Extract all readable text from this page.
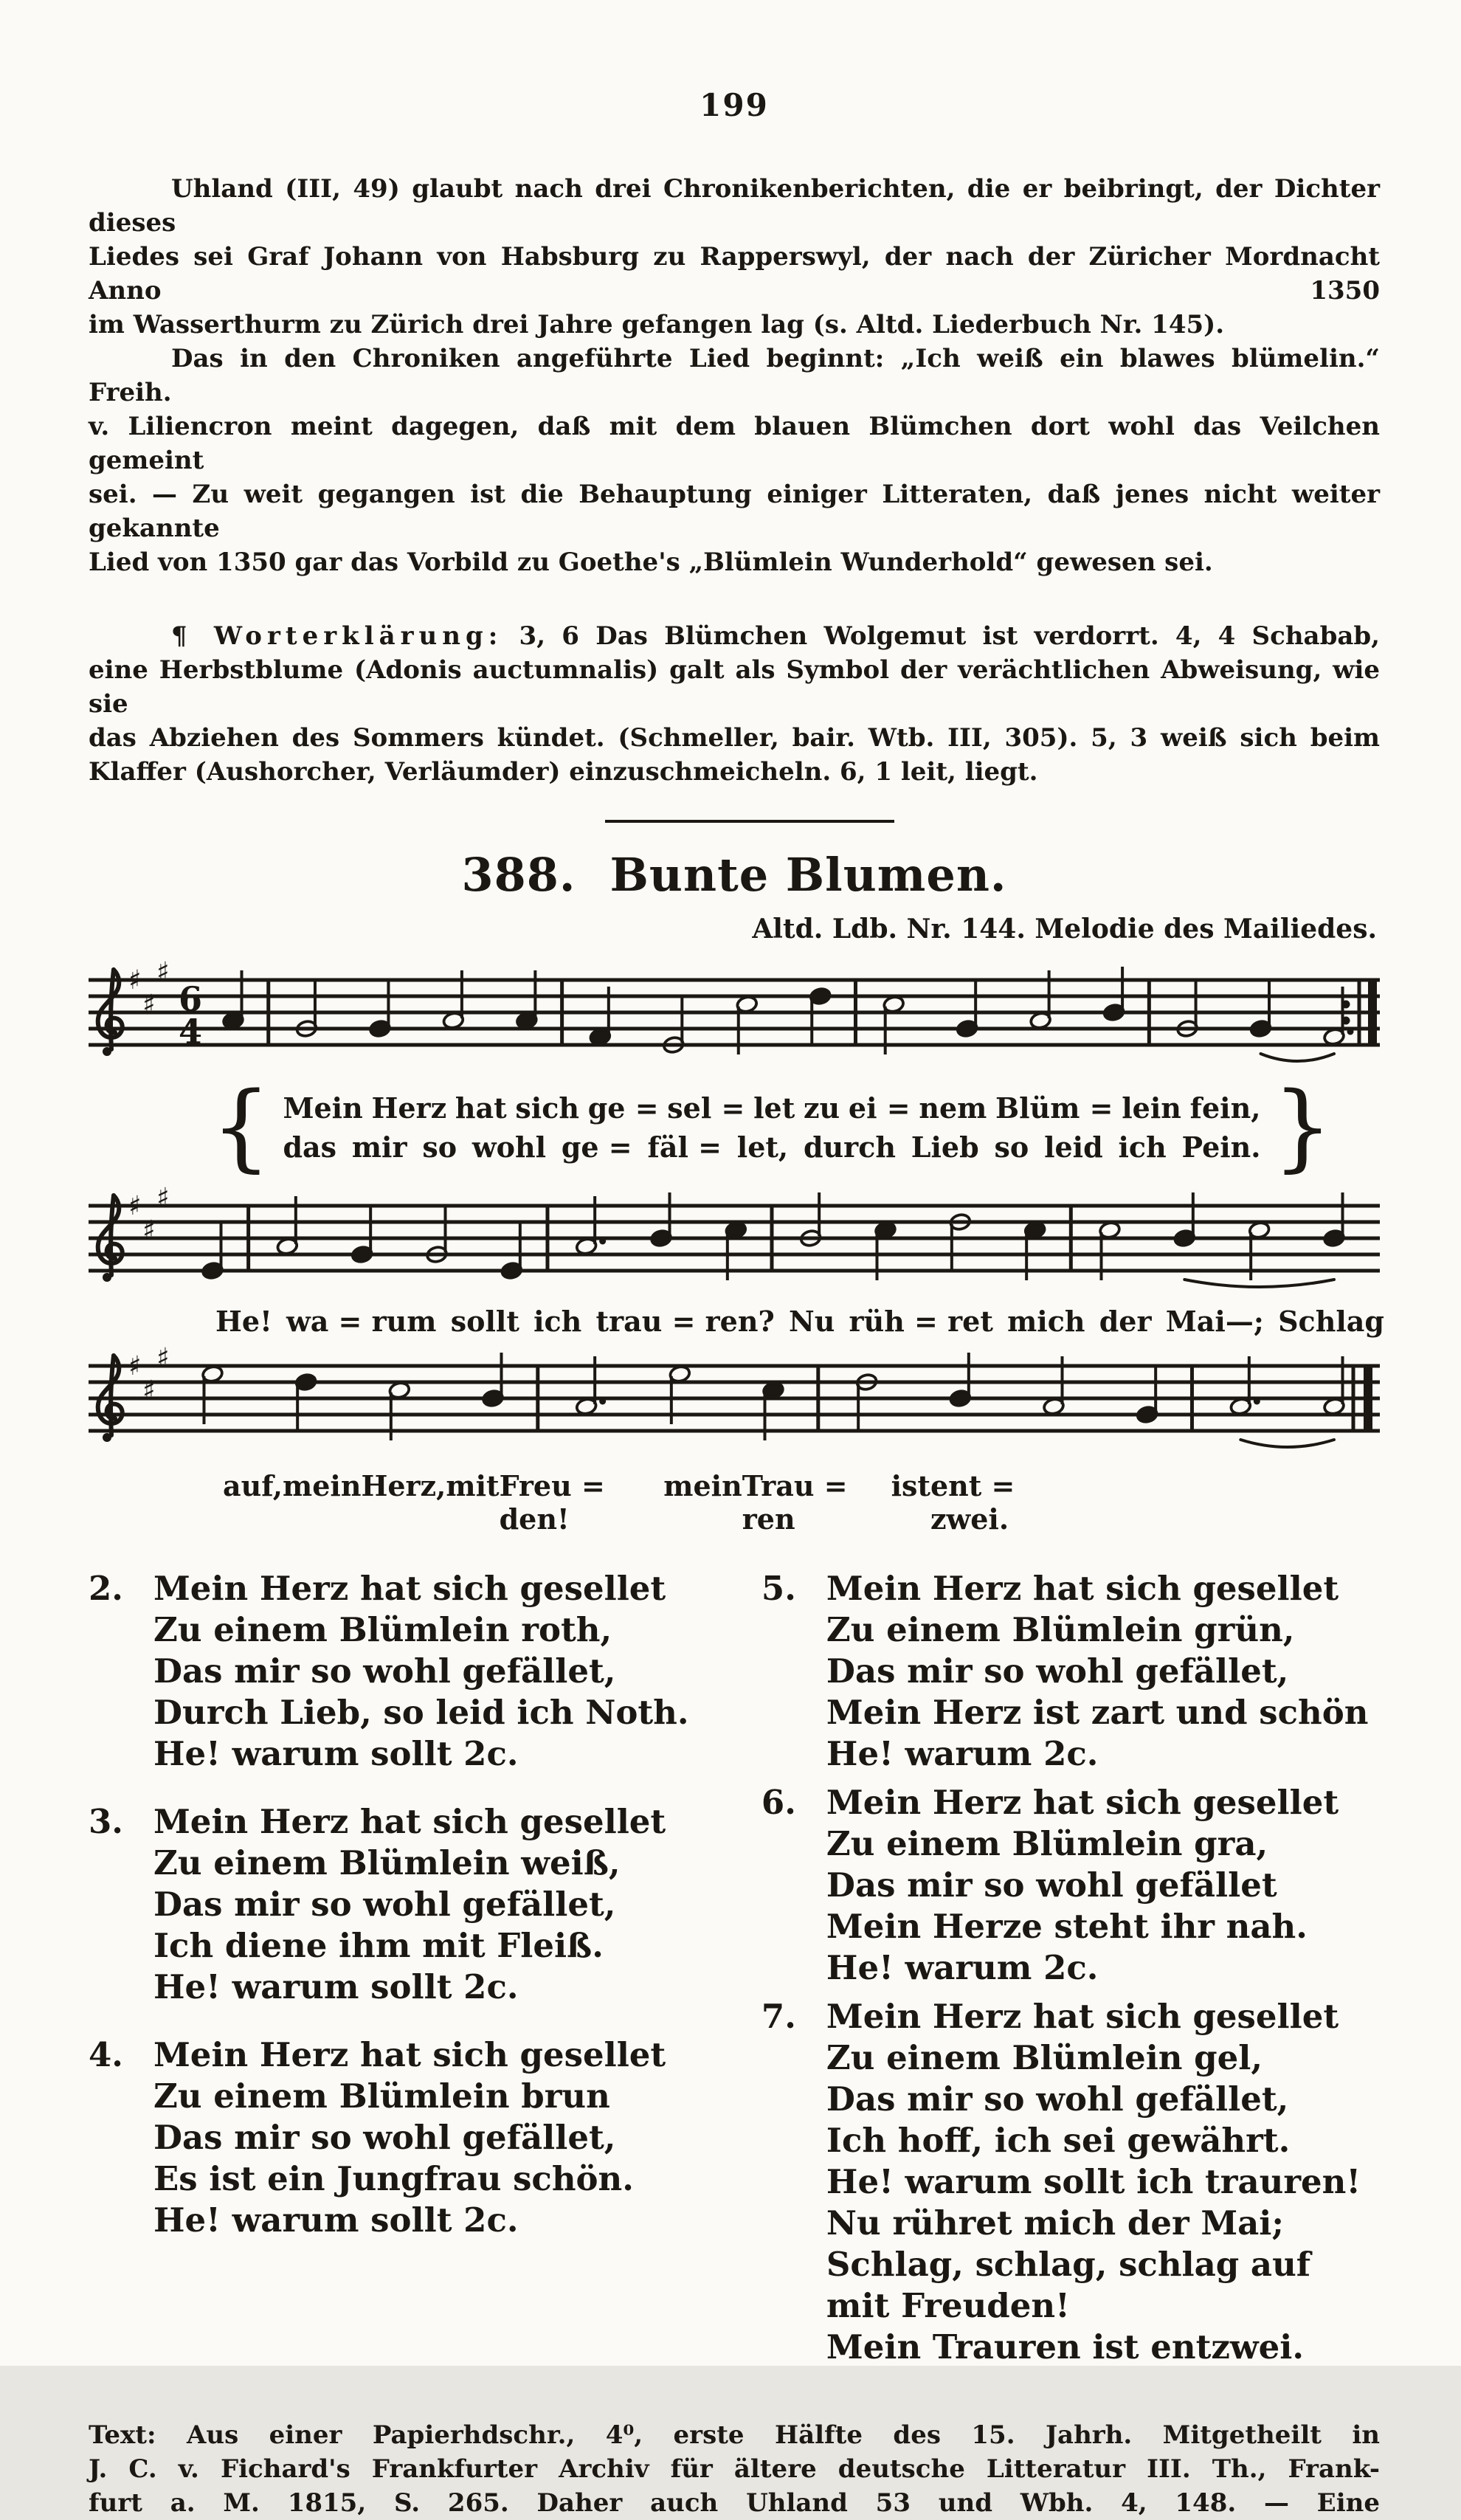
199
Uhland (III, 49) glaubt nach drei Chronikenberichten, die er beibringt, der Dichter dieses
Liedes sei Graf Johann von Habsburg zu Rapperswyl, der nach der Züricher Mordnacht Anno 1350
im Wasserthurm zu Zürich drei Jahre gefangen lag (s. Altd. Liederbuch Nr. 145).
Das in den Chroniken angeführte Lied beginnt: „Ich weiß ein blawes blümelin.“ Freih.
v. Liliencron meint dagegen, daß mit dem blauen Blümchen dort wohl das Veilchen gemeint
sei. — Zu weit gegangen ist die Behauptung einiger Litteraten, daß jenes nicht weiter gekannte
Lied von 1350 gar das Vorbild zu Goethe's „Blümlein Wunderhold“ gewesen sei.
¶ Worterklärung: 3, 6 Das Blümchen Wolgemut ist verdorrt. 4, 4 Schabab,
eine Herbstblume (Adonis auctumnalis) galt als Symbol der verächtlichen Abweisung, wie sie
das Abziehen des Sommers kündet. (Schmeller, bair. Wtb. III, 305). 5, 3 weiß sich beim
Klaffer (Aushorcher, Verläumder) einzuschmeicheln. 6, 1 leit, liegt.
388. Bunte Blumen.
Altd. Ldb. Nr. 144. Melodie des Mailiedes.
♯
♯
♯
6
4
{ Mein Herz hat sich ge = sel = let zu ei = nem Blüm = lein fein,
das mir so wohl ge = fäl = let, durch Lieb so leid ich Pein. }
♯
♯
♯
He! wa = rum sollt ich trau = ren? Nu rüh = ret mich der Mai—; Schlag
♯
♯
♯
auf, mein Herz, mit Freu = den!
mein Trau = ren
ist ent = zwei.
2. Mein Herz hat sich gesellet
Zu einem Blümlein roth,
Das mir so wohl gefället,
Durch Lieb, so leid ich Noth.
He! warum sollt 2c.
3. Mein Herz hat sich gesellet
Zu einem Blümlein weiß,
Das mir so wohl gefället,
Ich diene ihm mit Fleiß.
He! warum sollt 2c.
4. Mein Herz hat sich gesellet
Zu einem Blümlein brun
Das mir so wohl gefället,
Es ist ein Jungfrau schön.
He! warum sollt 2c.
5. Mein Herz hat sich gesellet
Zu einem Blümlein grün,
Das mir so wohl gefället,
Mein Herz ist zart und schön
He! warum 2c.
6. Mein Herz hat sich gesellet
Zu einem Blümlein gra,
Das mir so wohl gefället
Mein Herze steht ihr nah.
He! warum 2c.
7. Mein Herz hat sich gesellet
Zu einem Blümlein gel,
Das mir so wohl gefället,
Ich hoff, ich sei gewährt.
He! warum sollt ich trauren!
Nu rühret mich der Mai;
Schlag, schlag, schlag auf mit Freuden!
Mein Trauren ist entzwei.
Text: Aus einer Papierhdschr., 4⁰, erste Hälfte des 15. Jahrh. Mitgetheilt in
J. C. v. Fichard's Frankfurter Archiv für ältere deutsche Litteratur III. Th., Frank-
furt a. M. 1815, S. 265. Daher auch Uhland 53 und Wbh. 4, 148. — Eine
